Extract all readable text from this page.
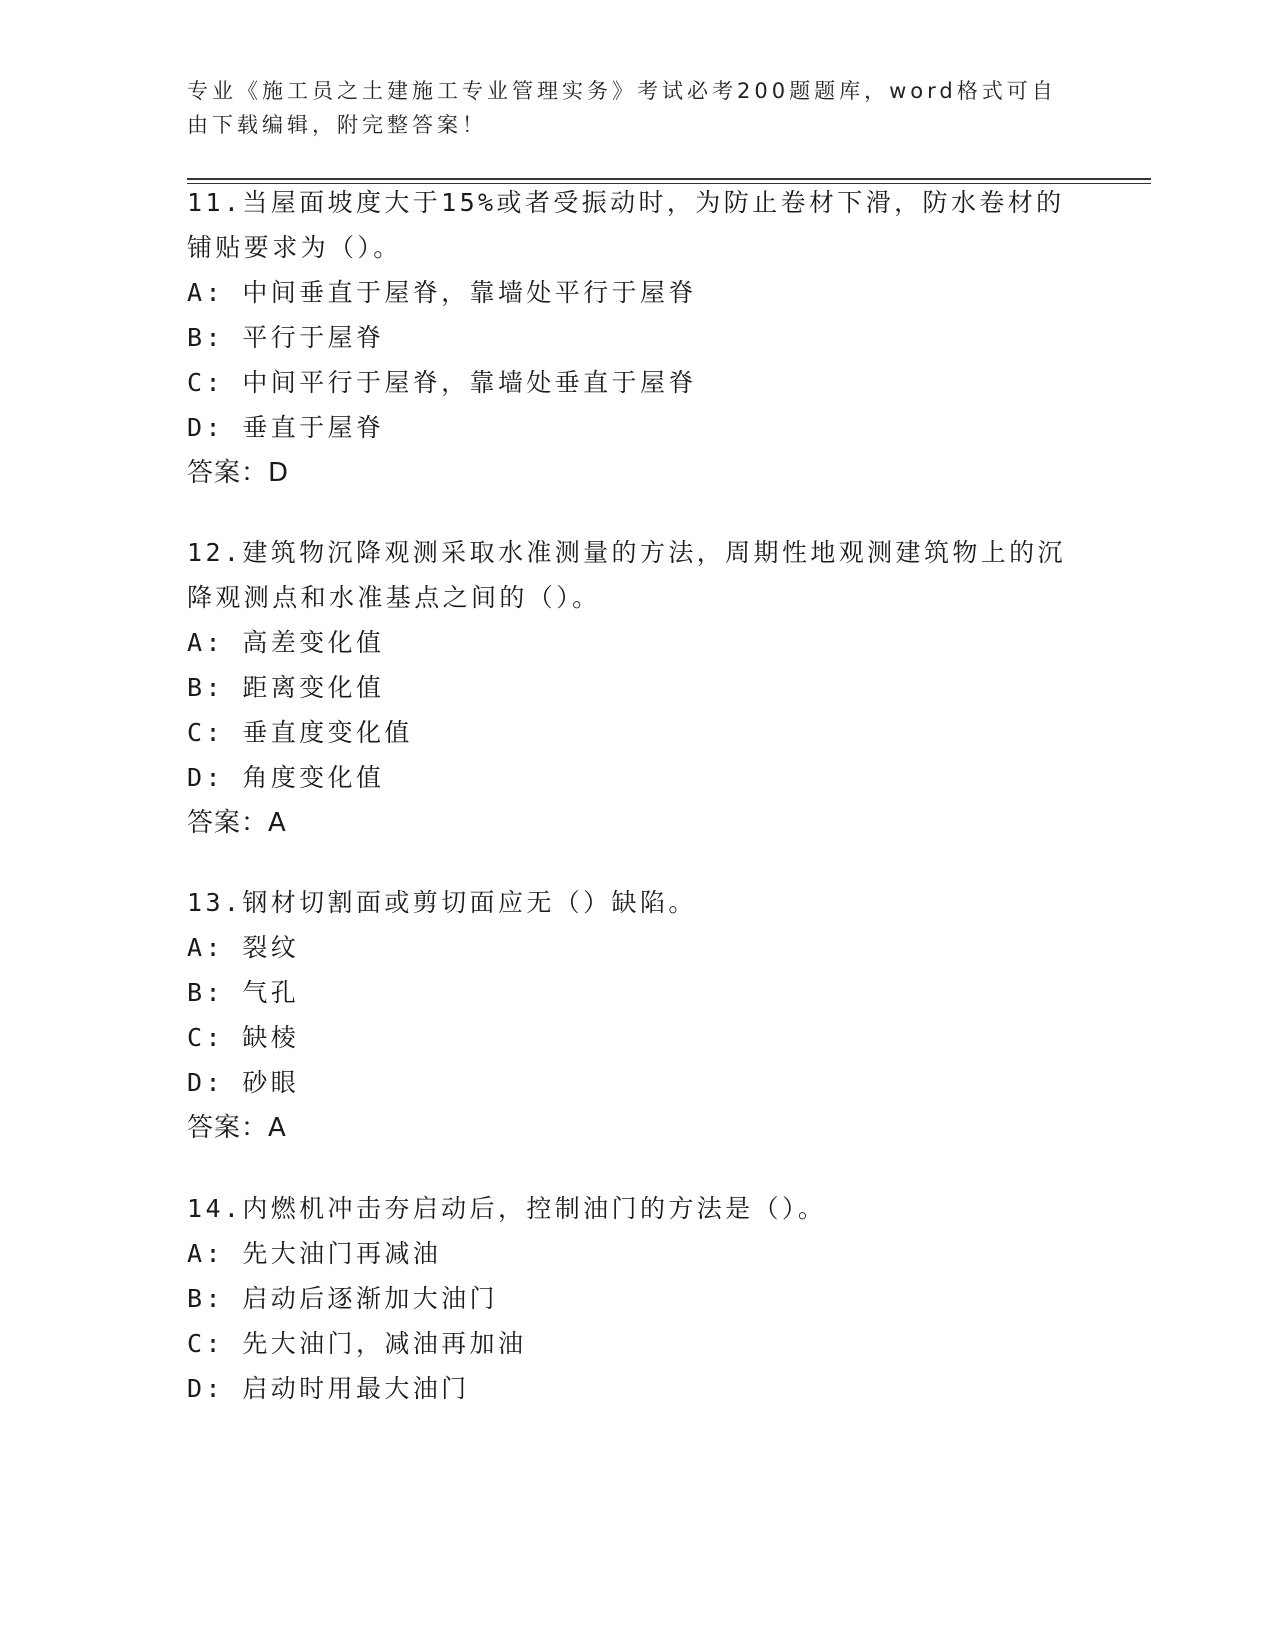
专业《施工员之土建施工专业管理实务》考试必考200题题库，word格式可自由下载编辑，附完整答案！

11.当屋面坡度大于15%或者受振动时，为防止卷材下滑，防水卷材的铺贴要求为（）。

A: 中间垂直于屋脊，靠墙处平行于屋脊

B: 平行于屋脊

C: 中间平行于屋脊，靠墙处垂直于屋脊

D: 垂直于屋脊

答案：D

12.建筑物沉降观测采取水准测量的方法，周期性地观测建筑物上的沉降观测点和水准基点之间的（）。

A: 高差变化值

B: 距离变化值

C: 垂直度变化值

D: 角度变化值

答案：A

13.钢材切割面或剪切面应无（）缺陷。

A: 裂纹

B: 气孔

C: 缺棱

D: 砂眼

答案：A

14.内燃机冲击夯启动后，控制油门的方法是（）。

A: 先大油门再减油

B: 启动后逐渐加大油门

C: 先大油门，减油再加油

D: 启动时用最大油门
